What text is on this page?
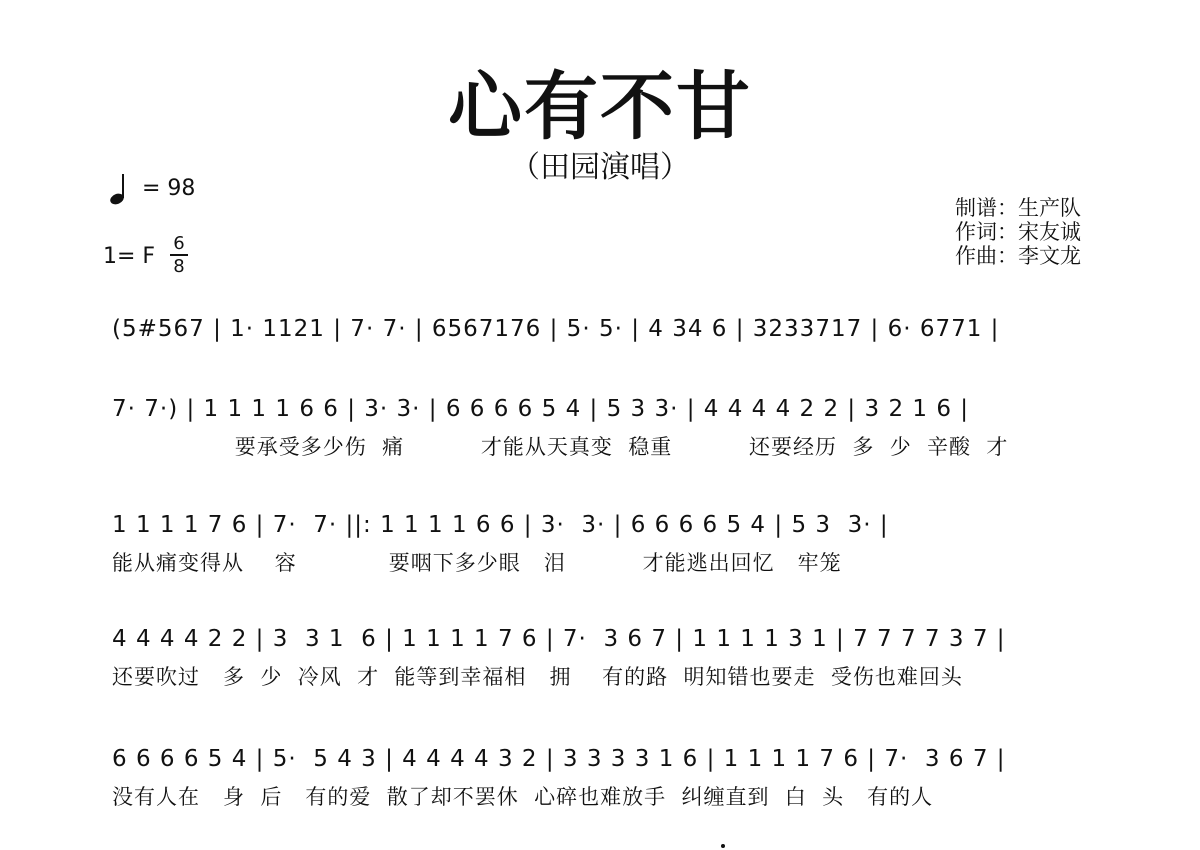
心有不甘
（田园演唱）
= 98
1= F
6
8
制谱：生产队
作词：宋友诚
作曲：李文龙
(5#567 | 1· 1121 | 7· 7· | 6567176 | 5· 5· | 4 34 6 | 3233717 | 6· 6771 |
7· 7·) | 1 1 1 1 6 6 | 3· 3· | 6 6 6 6 5 4 | 5 3 3· | 4 4 4 4 2 2 | 3 2 1 6 |
要承受多少伤  痛          才能从天真变  稳重          还要经历  多  少  辛酸  才
1 1 1 1 7 6 | 7·  7· ||: 1 1 1 1 6 6 | 3·  3· | 6 6 6 6 5 4 | 5 3  3· |
能从痛变得从    容            要咽下多少眼   泪          才能逃出回忆   牢笼
4 4 4 4 2 2 | 3  3 1  6 | 1 1 1 1 7 6 | 7·  3 6 7 | 1 1 1 1 3 1 | 7 7 7 7 3 7 |
还要吹过   多  少  冷风  才  能等到幸福相   拥    有的路  明知错也要走  受伤也难回头
6 6 6 6 5 4 | 5·  5 4 3 | 4 4 4 4 3 2 | 3 3 3 3 1 6 | 1 1 1 1 7 6 | 7·  3 6 7 |
没有人在   身  后   有的爱  散了却不罢休  心碎也难放手  纠缠直到  白  头   有的人
